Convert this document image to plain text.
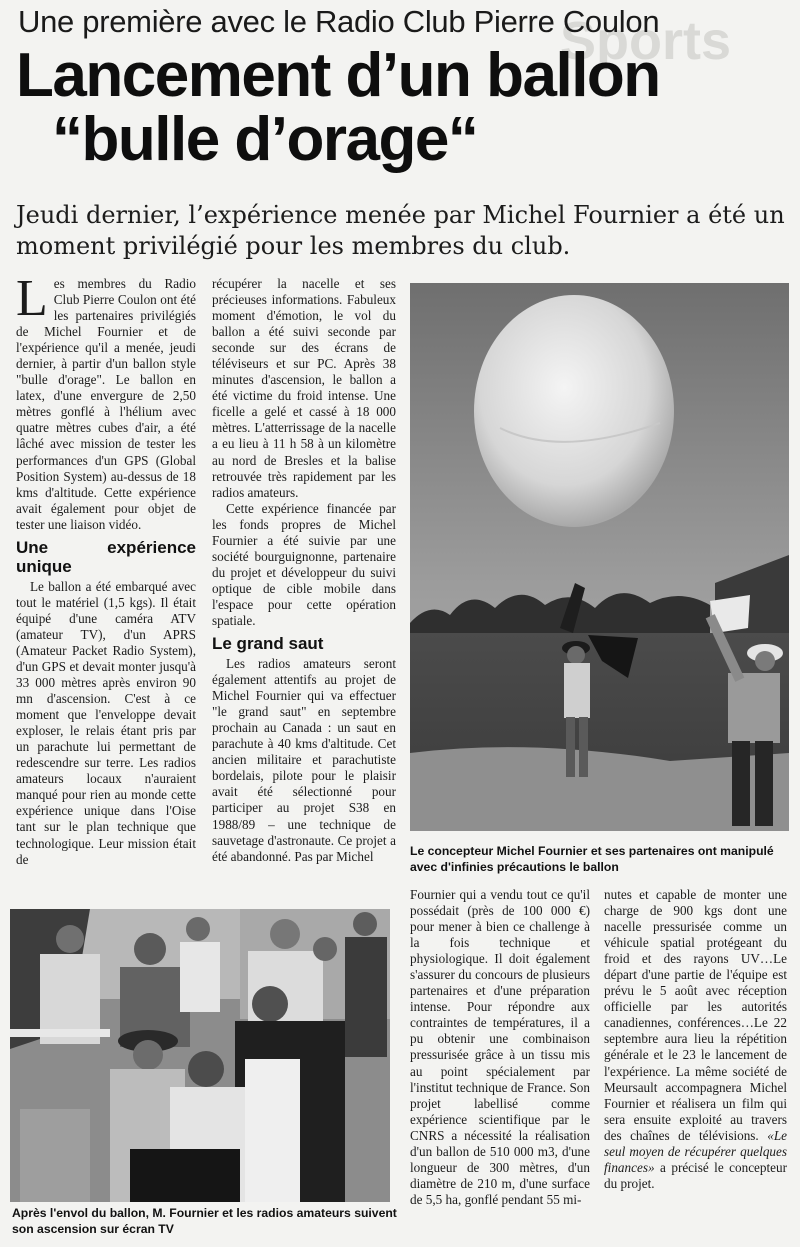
Sports

Une première avec le Radio Club Pierre Coulon
Lancement d’un ballon
“bulle d’orage“

Jeudi dernier, l’expérience menée par Michel Fournier a été un moment privilégié pour les membres du club.

Les membres du Radio Club Pierre Coulon ont été les partenaires privilégiés de Michel Fournier et de l'expérience qu'il a menée, jeudi dernier, à partir d'un ballon style "bulle d'orage". Le ballon en latex, d'une envergure de 2,50 mètres gonflé à l'hélium avec quatre mètres cubes d'air, a été lâché avec mission de tester les performances d'un GPS (Global Position System) au-dessus de 18 kms d'altitude. Cette expérience avait également pour objet de tester une liaison vidéo.

Une expérience unique

Le ballon a été embarqué avec tout le matériel (1,5 kgs). Il était équipé d'une caméra ATV (amateur TV), d'un APRS (Amateur Packet Radio System), d'un GPS et devait monter jusqu'à 33 000 mètres après environ 90 mn d'ascension. C'est à ce moment que l'enveloppe devait exploser, le relais étant pris par un parachute lui permettant de redescendre sur terre. Les radios amateurs locaux n'auraient manqué pour rien au monde cette expérience unique dans l'Oise tant sur le plan technique que technologique. Leur mission était de

récupérer la nacelle et ses précieuses informations. Fabuleux moment d'émotion, le vol du ballon a été suivi seconde par seconde sur des écrans de téléviseurs et sur PC. Après 38 minutes d'ascension, le ballon a été victime du froid intense. Une ficelle a gelé et cassé à 18 000 mètres. L'atterrissage de la nacelle a eu lieu à 11 h 58 à un kilomètre au nord de Bresles et la balise retrouvée très rapidement par les radios amateurs.

Cette expérience financée par les fonds propres de Michel Fournier a été suivie par une société bourguignonne, partenaire du projet et développeur du suivi optique de cible mobile dans l'espace pour cette opération spatiale.

Le grand saut

Les radios amateurs seront également attentifs au projet de Michel Fournier qui va effectuer "le grand saut" en septembre prochain au Canada : un saut en parachute à 40 kms d'altitude. Cet ancien militaire et parachutiste bordelais, pilote pour le plaisir avait été sélectionné pour participer au projet S38 en 1988/89 – une technique de sauvetage d'astronaute. Ce projet a été abandonné. Pas par Michel	Le concepteur Michel Fournier et ses partenaires ont manipulé avec d'infinies précautions le ballon

Fournier qui a vendu tout ce qu'il possédait (près de 100 000 €) pour mener à bien ce challenge à la fois technique et physiologique. Il doit également s'assurer du concours de plusieurs partenaires et d'une préparation intense. Pour répondre aux contraintes de températures, il a pu obtenir une combinaison pressurisée grâce à un tissu mis au point spécialement par l'institut technique de France. Son projet labellisé comme expérience scientifique par le CNRS a nécessité la réalisation d'un ballon de 510 000 m3, d'une longueur de 300 mètres, d'un diamètre de 210 m, d'une surface de 5,5 ha, gonflé pendant 55 mi-

nutes et capable de monter une charge de 900 kgs dont une nacelle pressurisée comme un véhicule spatial protégeant du froid et des rayons UV…Le départ d'une partie de l'équipe est prévu le 5 août avec réception officielle par les autorités canadiennes, conférences…Le 22 septembre aura lieu la répétition générale et le 23 le lancement de l'expérience. La même société de Meursault accompagnera Michel Fournier et réalisera un film qui sera ensuite exploité au travers des chaînes de télévisions. «Le seul moyen de récupérer quelques finances» a précisé le concepteur du projet.

Après l'envol du ballon, M. Fournier et les radios amateurs suivent son ascension sur écran TV
